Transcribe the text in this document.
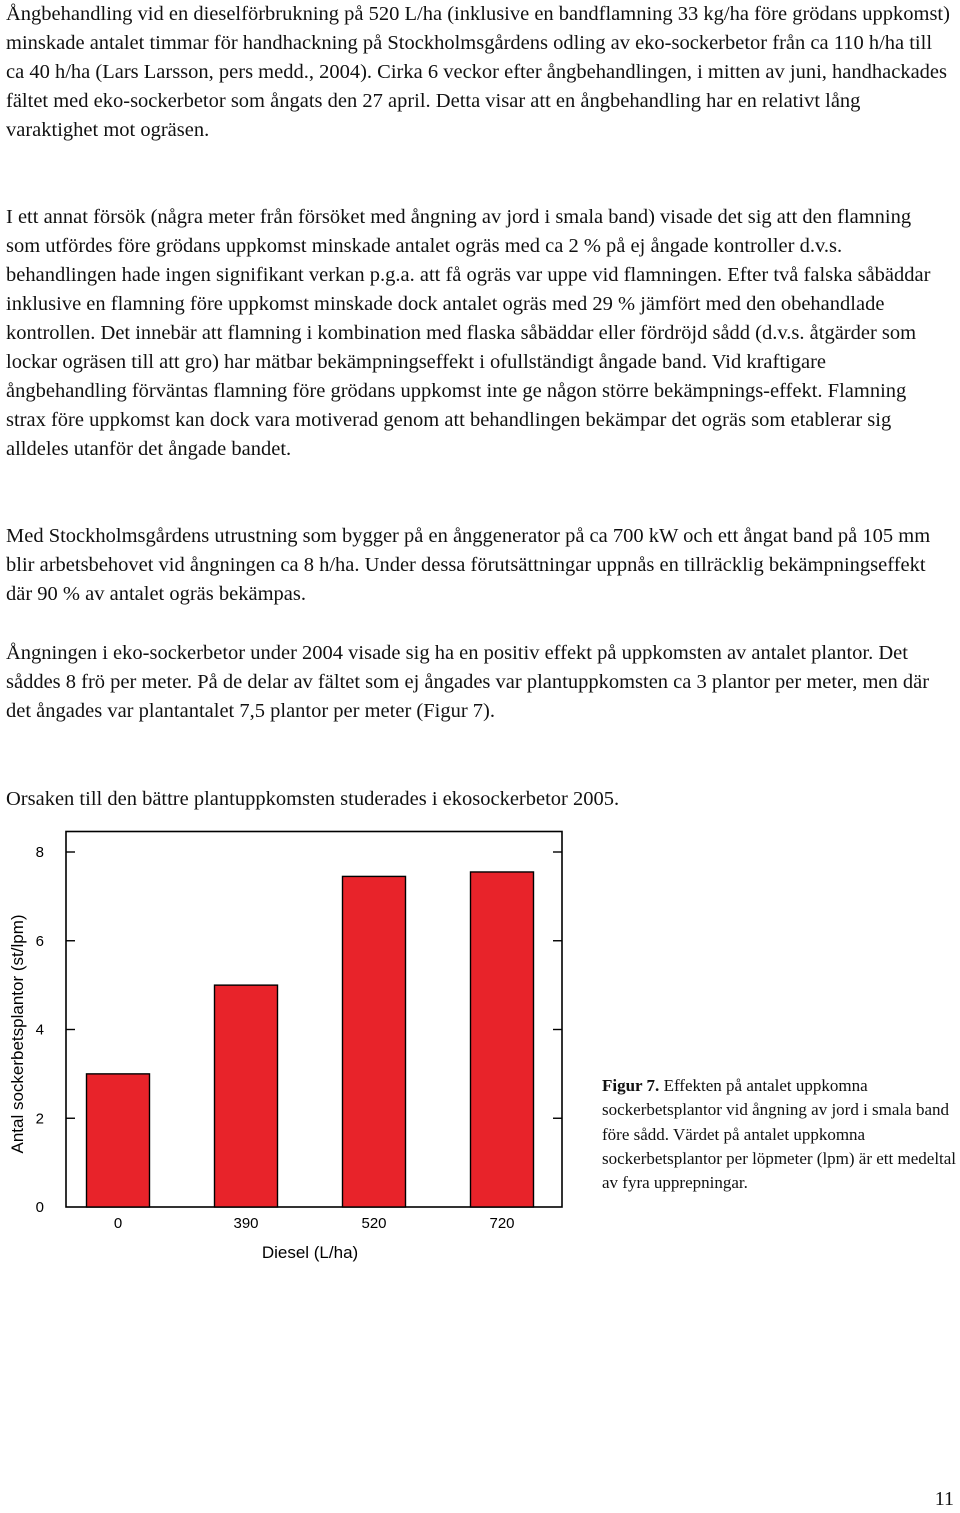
Ångbehandling vid en dieselförbrukning på 520 L/ha (inklusive en bandflamning 33 kg/ha före grödans uppkomst) minskade antalet timmar för handhackning på Stockholmsgårdens odling av eko-sockerbetor från ca 110 h/ha till ca 40 h/ha (Lars Larsson, pers medd., 2004). Cirka 6 veckor efter ångbehandlingen, i mitten av juni, handhackades fältet med eko-sockerbetor som ångats den 27 april. Detta visar att en ångbehandling har en relativt lång varaktighet mot ogräsen.

I ett annat försök (några meter från försöket med ångning av jord i smala band) visade det sig att den flamning som utfördes före grödans uppkomst minskade antalet ogräs med ca 2 % på ej ångade kontroller d.v.s. behandlingen hade ingen signifikant verkan p.g.a. att få ogräs var uppe vid flamningen. Efter två falska såbäddar inklusive en flamning före uppkomst minskade dock antalet ogräs med 29 % jämfört med den obehandlade kontrollen. Det innebär att flamning i kombination med flaska såbäddar eller fördröjd sådd (d.v.s. åtgärder som lockar ogräsen till att gro) har mätbar bekämpningseffekt i ofullständigt ångade band. Vid kraftigare ångbehandling förväntas flamning före grödans uppkomst inte ge någon större bekämpnings-effekt. Flamning strax före uppkomst kan dock vara motiverad genom att behandlingen bekämpar det ogräs som etablerar sig alldeles utanför det ångade bandet.

Med Stockholmsgårdens utrustning som bygger på en ånggenerator på ca 700 kW och ett ångat band på 105 mm blir arbetsbehovet vid ångningen ca 8 h/ha. Under dessa förutsättningar uppnås en tillräcklig bekämpningseffekt där 90 % av antalet ogräs bekämpas.

Ångningen i eko-sockerbetor under 2004 visade sig ha en positiv effekt på uppkomsten av antalet plantor. Det såddes 8 frö per meter. På de delar av fältet som ej ångades var plantuppkomsten ca 3 plantor per meter, men där det ångades var plantantalet 7,5 plantor per meter (Figur 7).

Orsaken till den bättre plantuppkomsten studerades i ekosockerbetor 2005.

0
2
4
6
8
0	390	520	720
Diesel (L/ha)
Antal sockerbetsplantor (st/lpm)	Figur 7. Effekten på antalet uppkomna sockerbetsplantor vid ångning av jord i smala band före sådd. Värdet på antalet uppkomna sockerbetsplantor per löpmeter (lpm) är ett medeltal av fyra upprepningar.

11
